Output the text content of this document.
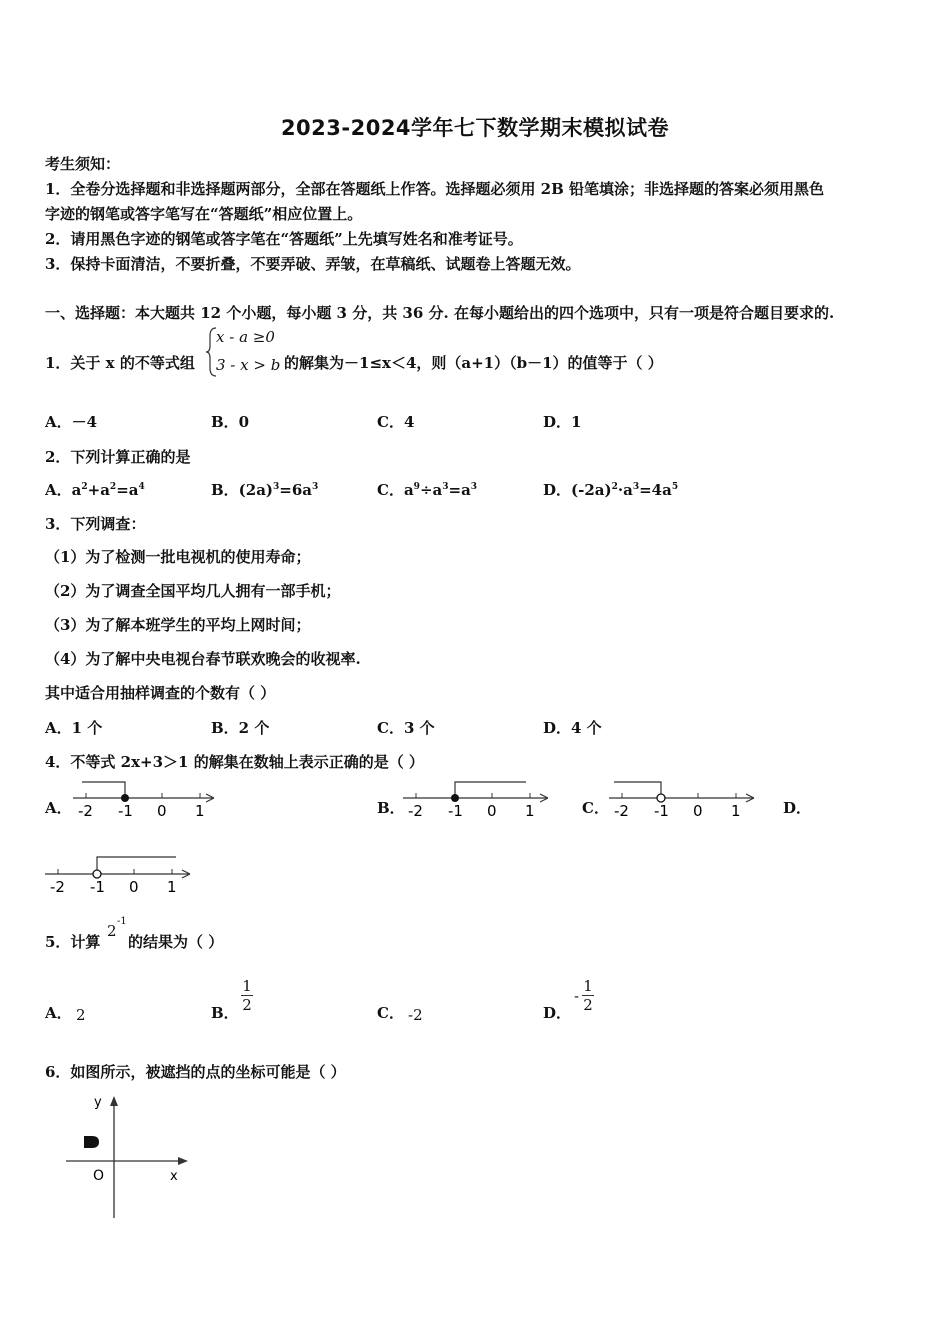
2023-2024学年七下数学期末模拟试卷
考生须知：
1．全卷分选择题和非选择题两部分，全部在答题纸上作答。选择题必须用 2B 铅笔填涂；非选择题的答案必须用黑色
字迹的钢笔或答字笔写在“答题纸”相应位置上。
2．请用黑色字迹的钢笔或答字笔在“答题纸”上先填写姓名和准考证号。
3．保持卡面清洁，不要折叠，不要弄破、弄皱，在草稿纸、试题卷上答题无效。
一、选择题：本大题共 12 个小题，每小题 3 分，共 36 分. 在每小题给出的四个选项中，只有一项是符合题目要求的.
1．关于 x 的不等式组
x - a ≥0
3 - x > b 的解集为－1≤x＜4，则（a+1）（b－1）的值等于（ ）
A．－4	B．0	C．4	D．1
2．下列计算正确的是
A．$a^2+a^2=a^4$	B．$(2a)^3=6a^3$	C．$a^9\div a^3=a^3$	D．$(-2a)^2\cdot a^3=4a^5$
3．下列调查：
（1）为了检测一批电视机的使用寿命；
（2）为了调查全国平均几人拥有一部手机；
（3）为了解本班学生的平均上网时间；
（4）为了解中央电视台春节联欢晚会的收视率.
其中适合用抽样调查的个数有（ ）
A．1 个	B．2 个	C．3 个	D．4 个
4．不等式 2x+3＞1 的解集在数轴上表示正确的是（ ）
A． -2 -1 0 1	B． -2 -1 0 1	C． -2 -1 0 1	D．
-2 -1 0 1
5．计算
2
-1
的结果为（ ）
A． 2	B．
1
2	C． -2	D．
-
1
2
6．如图所示，被遮挡的点的坐标可能是（ ）
y
x
O
